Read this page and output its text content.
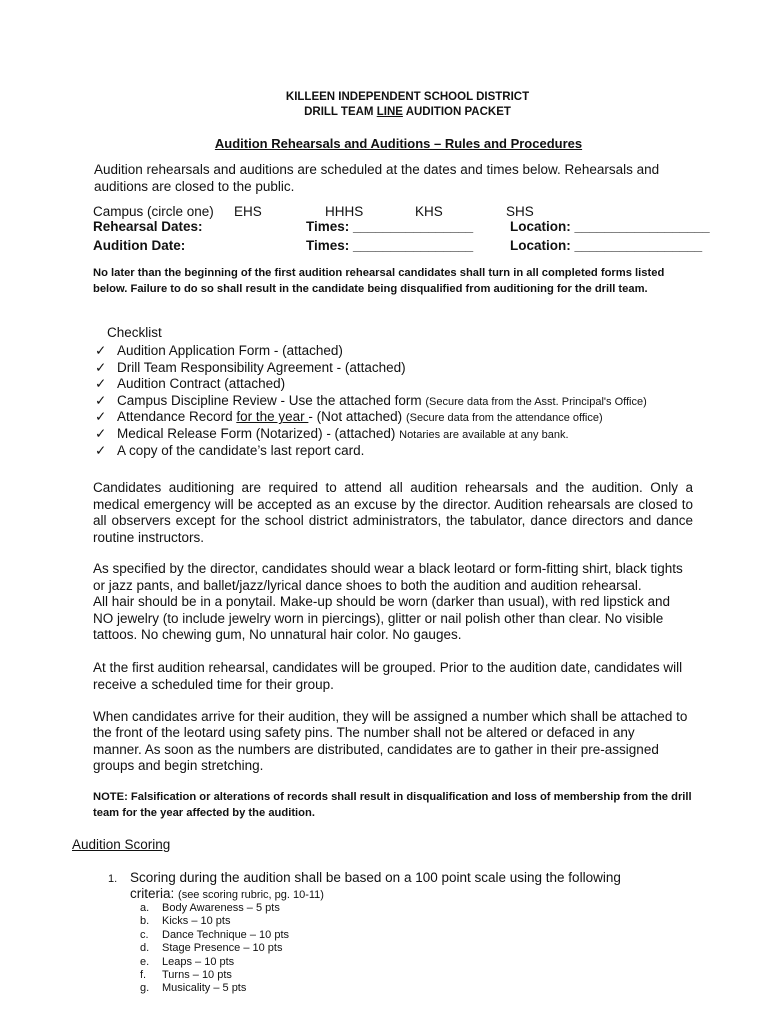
KILLEEN INDEPENDENT SCHOOL DISTRICT
DRILL TEAM LINE AUDITION PACKET
Audition Rehearsals and Auditions – Rules and Procedures
Audition rehearsals and auditions are scheduled at the dates and times below. Rehearsals and auditions are closed to the public.
Campus (circle one) EHS	HHHS	KHS	SHS
Rehearsal Dates:	Times: ________________	Location: __________________
Audition Date:	Times: ________________	Location: _________________
No later than the beginning of the first audition rehearsal candidates shall turn in all completed forms listed below. Failure to do so shall result in the candidate being disqualified from auditioning for the drill team.
Checklist
✓ Audition Application Form - (attached)
✓ Drill Team Responsibility Agreement - (attached)
✓ Audition Contract (attached)
✓ Campus Discipline Review - Use the attached form (Secure data from the Asst. Principal's Office)
✓ Attendance Record for the year - (Not attached) (Secure data from the attendance office)
✓ Medical Release Form (Notarized) - (attached) Notaries are available at any bank.
✓ A copy of the candidate’s last report card.
Candidates auditioning are required to attend all audition rehearsals and the audition. Only a medical emergency will be accepted as an excuse by the director. Audition rehearsals are closed to all observers except for the school district administrators, the tabulator, dance directors and dance routine instructors.
As specified by the director, candidates should wear a black leotard or form-fitting shirt, black tights
or jazz pants, and ballet/jazz/lyrical dance shoes to both the audition and audition rehearsal.
All hair should be in a ponytail. Make-up should be worn (darker than usual), with red lipstick and
NO jewelry (to include jewelry worn in piercings), glitter or nail polish other than clear. No visible
tattoos. No chewing gum, No unnatural hair color. No gauges.
At the first audition rehearsal, candidates will be grouped. Prior to the audition date, candidates will
receive a scheduled time for their group.
When candidates arrive for their audition, they will be assigned a number which shall be attached to
the front of the leotard using safety pins. The number shall not be altered or defaced in any
manner. As soon as the numbers are distributed, candidates are to gather in their pre-assigned
groups and begin stretching.
NOTE: Falsification or alterations of records shall result in disqualification and loss of membership from the drill team for the year affected by the audition.
Audition Scoring
1. Scoring during the audition shall be based on a 100 point scale using the following
criteria: (see scoring rubric, pg. 10-11)
a. Body Awareness – 5 pts
b. Kicks – 10 pts
c. Dance Technique – 10 pts
d. Stage Presence – 10 pts
e. Leaps – 10 pts
f. Turns – 10 pts
g. Musicality – 5 pts
